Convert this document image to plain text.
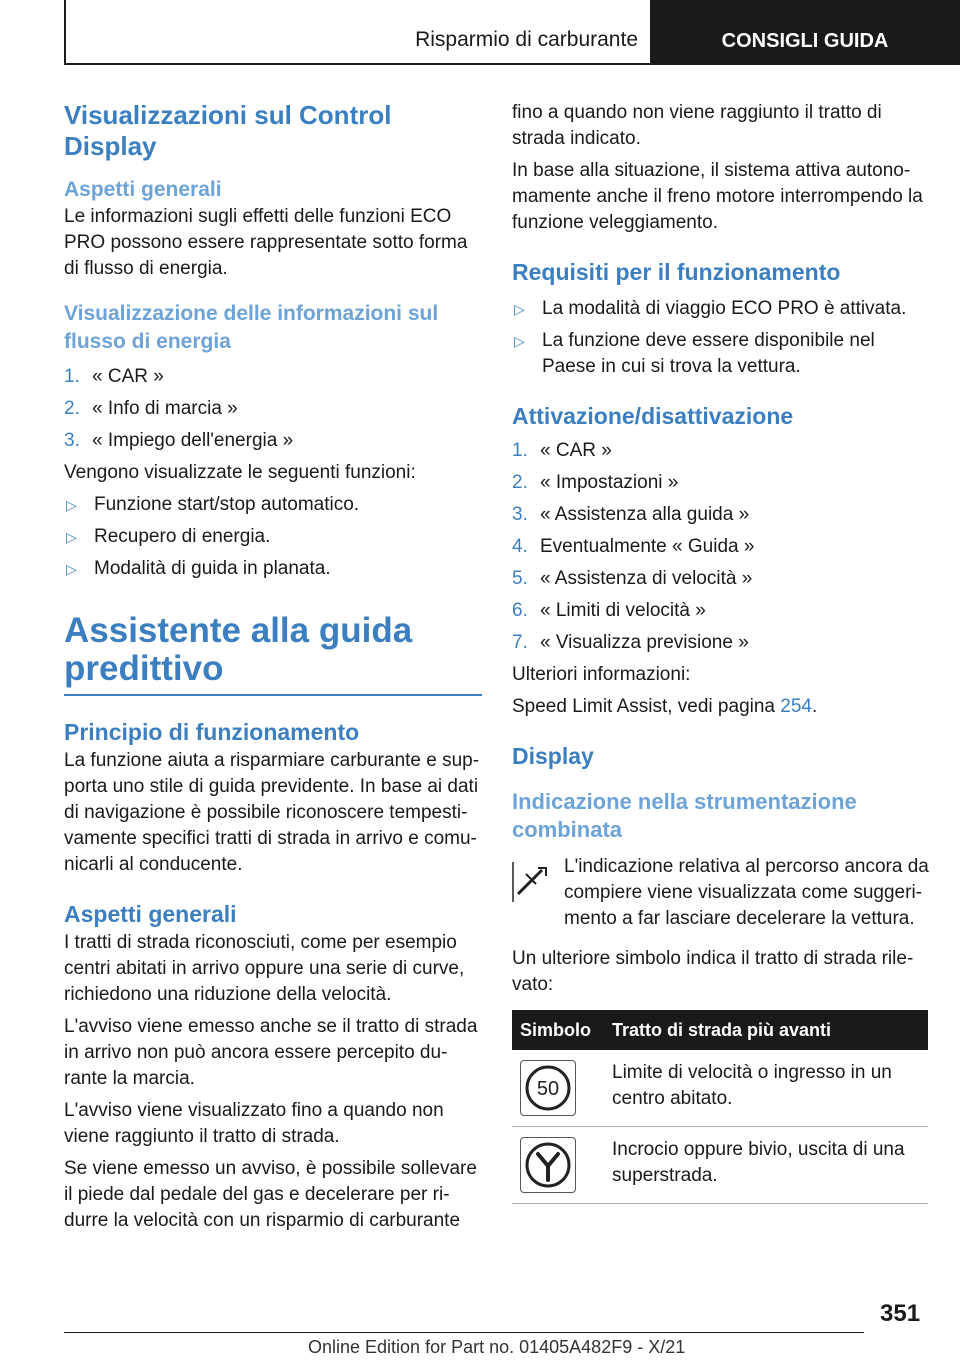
Risparmio di carburante	CONSIGLI GUIDA
Visualizzazioni sul Control Display
Aspetti generali
Le informazioni sugli effetti delle funzioni ECO PRO possono essere rappresentate sotto forma di flusso di energia.
Visualizzazione delle informazioni sul flusso di energia
1. « CAR »
2. « Info di marcia »
3. « Impiego dell'energia »
Vengono visualizzate le seguenti funzioni:
▷ Funzione start/stop automatico.
▷ Recupero di energia.
▷ Modalità di guida in planata.
Assistente alla guida predittivo
Principio di funzionamento
La funzione aiuta a risparmiare carburante e sup-porta uno stile di guida previdente. In base ai dati di navigazione è possibile riconoscere tempesti-vamente specifici tratti di strada in arrivo e comu-nicarli al conducente.
Aspetti generali
I tratti di strada riconosciuti, come per esempio centri abitati in arrivo oppure una serie di curve, richiedono una riduzione della velocità.
L'avviso viene emesso anche se il tratto di strada in arrivo non può ancora essere percepito du-rante la marcia.
L'avviso viene visualizzato fino a quando non viene raggiunto il tratto di strada.
Se viene emesso un avviso, è possibile sollevare il piede dal pedale del gas e decelerare per ri-durre la velocità con un risparmio di carburante
fino a quando non viene raggiunto il tratto di strada indicato.
In base alla situazione, il sistema attiva autono-mamente anche il freno motore interrompendo la funzione veleggiamento.
Requisiti per il funzionamento
▷ La modalità di viaggio ECO PRO è attivata.
▷ La funzione deve essere disponibile nel Paese in cui si trova la vettura.
Attivazione/disattivazione
1. « CAR »
2. « Impostazioni »
3. « Assistenza alla guida »
4. Eventualmente « Guida »
5. « Assistenza di velocità »
6. « Limiti di velocità »
7. « Visualizza previsione »
Ulteriori informazioni:
Speed Limit Assist, vedi pagina 254.
Display
Indicazione nella strumentazione combinata
L'indicazione relativa al percorso ancora da compiere viene visualizzata come suggeri-mento a far lasciare decelerare la vettura.
Un ulteriore simbolo indica il tratto di strada rile-vato:
Simbolo	Tratto di strada più avanti

50	Limite di velocità o ingresso in un centro abitato.

	Incrocio oppure bivio, uscita di una superstrada.
351
Online Edition for Part no. 01405A482F9 - X/21
